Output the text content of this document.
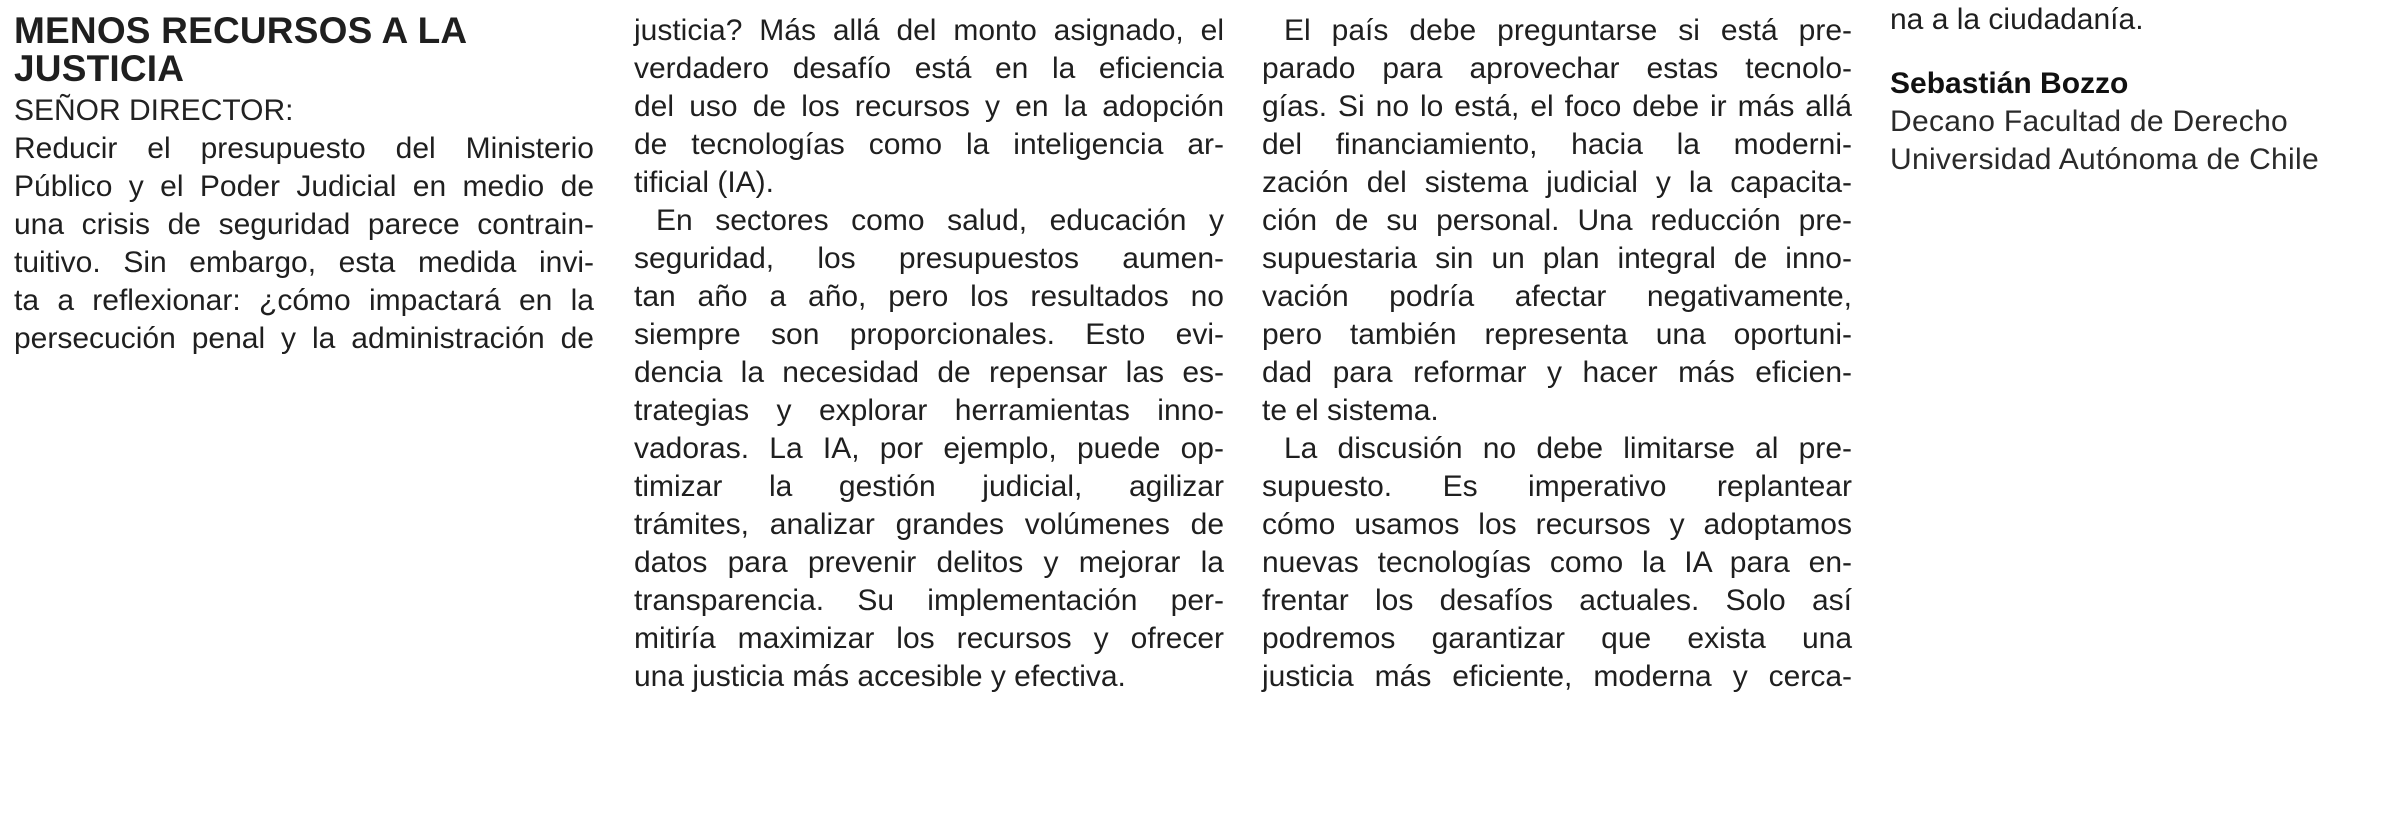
MENOS RECURSOS A LA
JUSTICIA
SEÑOR DIRECTOR:
Reducir el presupuesto del Ministerio
Público y el Poder Judicial en medio de
una crisis de seguridad parece contrain-
tuitivo. Sin embargo, esta medida invi-
ta a reflexionar: ¿cómo impactará en la
persecución penal y la administración de
justicia? Más allá del monto asignado, el
verdadero desafío está en la eficiencia
del uso de los recursos y en la adopción
de tecnologías como la inteligencia ar-
tificial (IA).
En sectores como salud, educación y
seguridad, los presupuestos aumen-
tan año a año, pero los resultados no
siempre son proporcionales. Esto evi-
dencia la necesidad de repensar las es-
trategias y explorar herramientas inno-
vadoras. La IA, por ejemplo, puede op-
timizar la gestión judicial, agilizar
trámites, analizar grandes volúmenes de
datos para prevenir delitos y mejorar la
transparencia. Su implementación per-
mitiría maximizar los recursos y ofrecer
una justicia más accesible y efectiva.
El país debe preguntarse si está pre-
parado para aprovechar estas tecnolo-
gías. Si no lo está, el foco debe ir más allá
del financiamiento, hacia la moderni-
zación del sistema judicial y la capacita-
ción de su personal. Una reducción pre-
supuestaria sin un plan integral de inno-
vación podría afectar negativamente,
pero también representa una oportuni-
dad para reformar y hacer más eficien-
te el sistema.
La discusión no debe limitarse al pre-
supuesto. Es imperativo replantear
cómo usamos los recursos y adoptamos
nuevas tecnologías como la IA para en-
frentar los desafíos actuales. Solo así
podremos garantizar que exista una
justicia más eficiente, moderna y cerca-
na a la ciudadanía.
Sebastián Bozzo
Decano Facultad de Derecho
Universidad Autónoma de Chile
